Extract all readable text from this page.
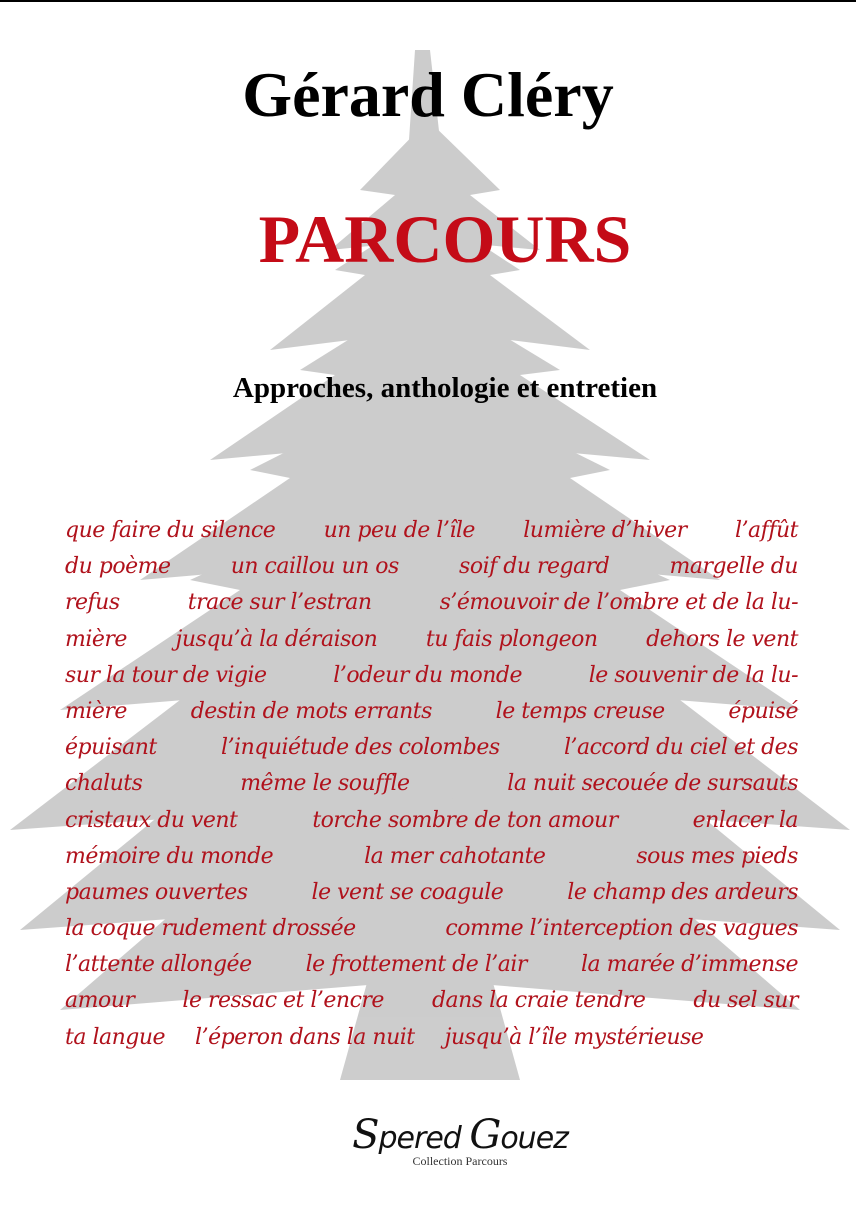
Gérard Cléry
PARCOURS
Approches, anthologie et entretien
que faire du silence un peu de l’île lumière d’hiver l’affût
du poème	un caillou un os	soif du regard	margelle du
refus	trace sur l’estran	s’émouvoir de l’ombre et de la lu-
mière jusqu’à la déraison tu fais plongeon dehors le vent
sur la tour de vigie	l’odeur du monde	le souvenir de la lu-
mière	destin de mots errants	le temps creuse	épuisé
épuisant	l’inquiétude des colombes	l’accord du ciel et des
chaluts	même le souffle	la nuit secouée de sursauts
cristaux du vent	torche sombre de ton amour	enlacer la
mémoire du monde	la mer cahotante	sous mes pieds
paumes ouvertes	le vent se coagule	le champ des ardeurs
la coque rudement drossée	comme l’interception des vagues
l’attente allongée le frottement de l’air la marée d’immense
amour le ressac et l’encre dans la craie tendre du sel sur
ta langue l’éperon dans la nuit jusqu’à l’île mystérieuse
Spered Gouez
Collection Parcours
